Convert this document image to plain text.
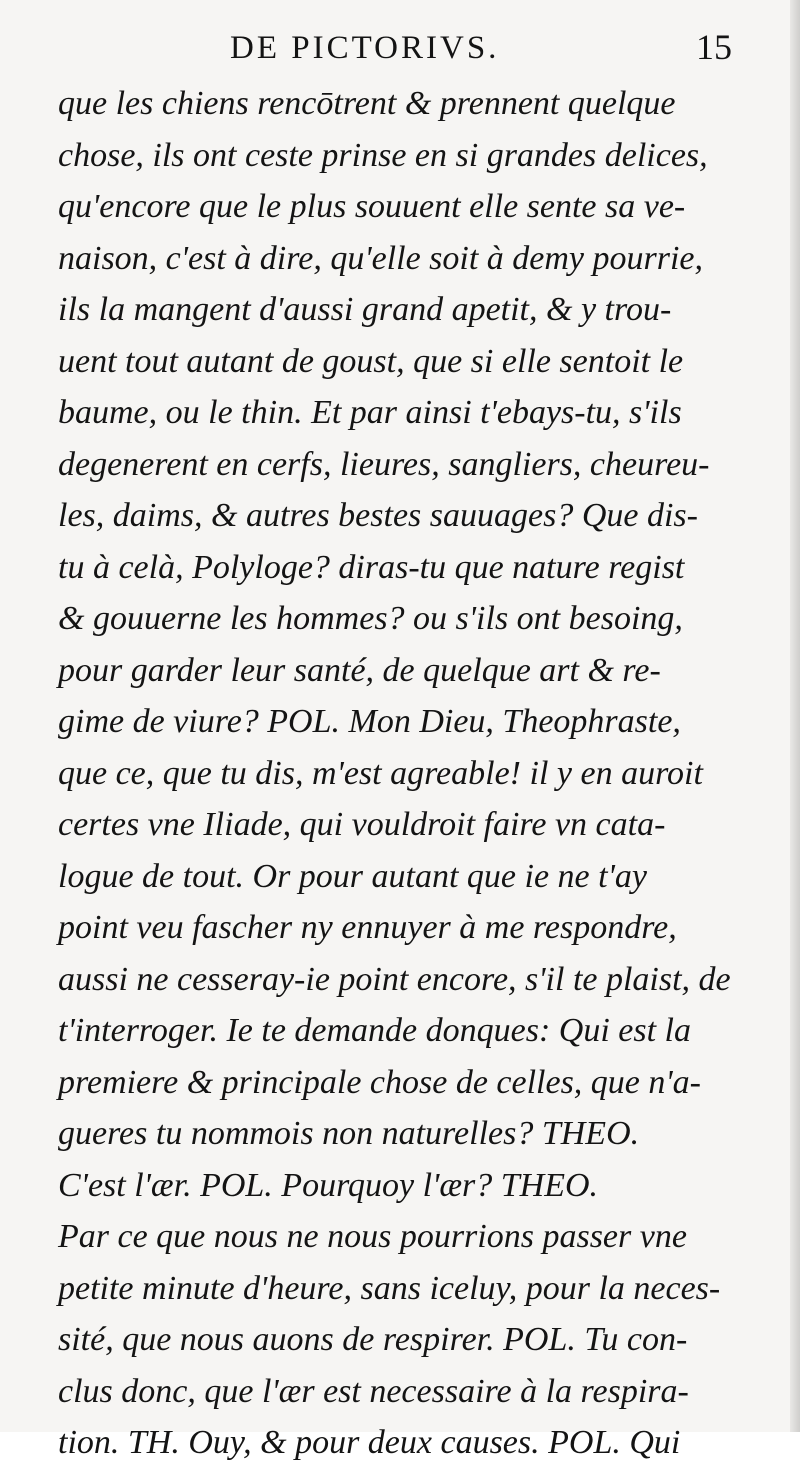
DE PICTORIVS.	15
que les chiens rencōtrent & prennent quelque
chose, ils ont ceste prinse en si grandes delices,
qu'encore que le plus souuent elle sente sa ve-
naison, c'est à dire, qu'elle soit à demy pourrie,
ils la mangent d'aussi grand apetit, & y trou-
uent tout autant de goust, que si elle sentoit le
baume, ou le thin. Et par ainsi t'ebays-tu, s'ils
degenerent en cerfs, lieures, sangliers, cheureu-
les, daims, & autres bestes sauuages? Que dis-
tu à celà, Polyloge? diras-tu que nature regist
& gouuerne les hommes? ou s'ils ont besoing,
pour garder leur santé, de quelque art & re-
gime de viure? POL. Mon Dieu, Theophraste,
que ce, que tu dis, m'est agreable! il y en auroit
certes vne Iliade, qui vouldroit faire vn cata-
logue de tout. Or pour autant que ie ne t'ay
point veu fascher ny ennuyer à me respondre,
aussi ne cesseray-ie point encore, s'il te plaist, de
t'interroger. Ie te demande donques: Qui est la
premiere & principale chose de celles, que n'a-
gueres tu nommois non naturelles? THEO.
C'est l'ær. POL. Pourquoy l'ær? THEO.
Par ce que nous ne nous pourrions passer vne
petite minute d'heure, sans iceluy, pour la neces-
sité, que nous auons de respirer. POL. Tu con-
clus donc, que l'ær est necessaire à la respira-
tion. TH. Ouy, & pour deux causes. POL. Qui
